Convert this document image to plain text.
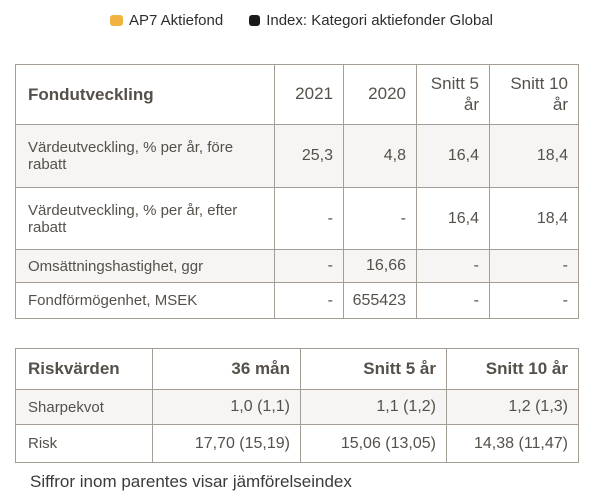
AP7 Aktiefond	Index: Kategori aktiefonder Global
Fondutveckling	2021	2020	Snitt 5 år	Snitt 10 år
Värdeutveckling, % per år, före rabatt	25,3	4,8	16,4	18,4
Värdeutveckling, % per år, efter rabatt	-	-	16,4	18,4
Omsättningshastighet, ggr	-	16,66	-	-
Fondförmögenhet, MSEK	-	655423	-	-
Riskvärden	36 mån	Snitt 5 år	Snitt 10 år
Sharpekvot	1,0 (1,1)	1,1 (1,2)	1,2 (1,3)
Risk	17,70 (15,19)	15,06 (13,05)	14,38 (11,47)
Siffror inom parentes visar jämförelseindex
